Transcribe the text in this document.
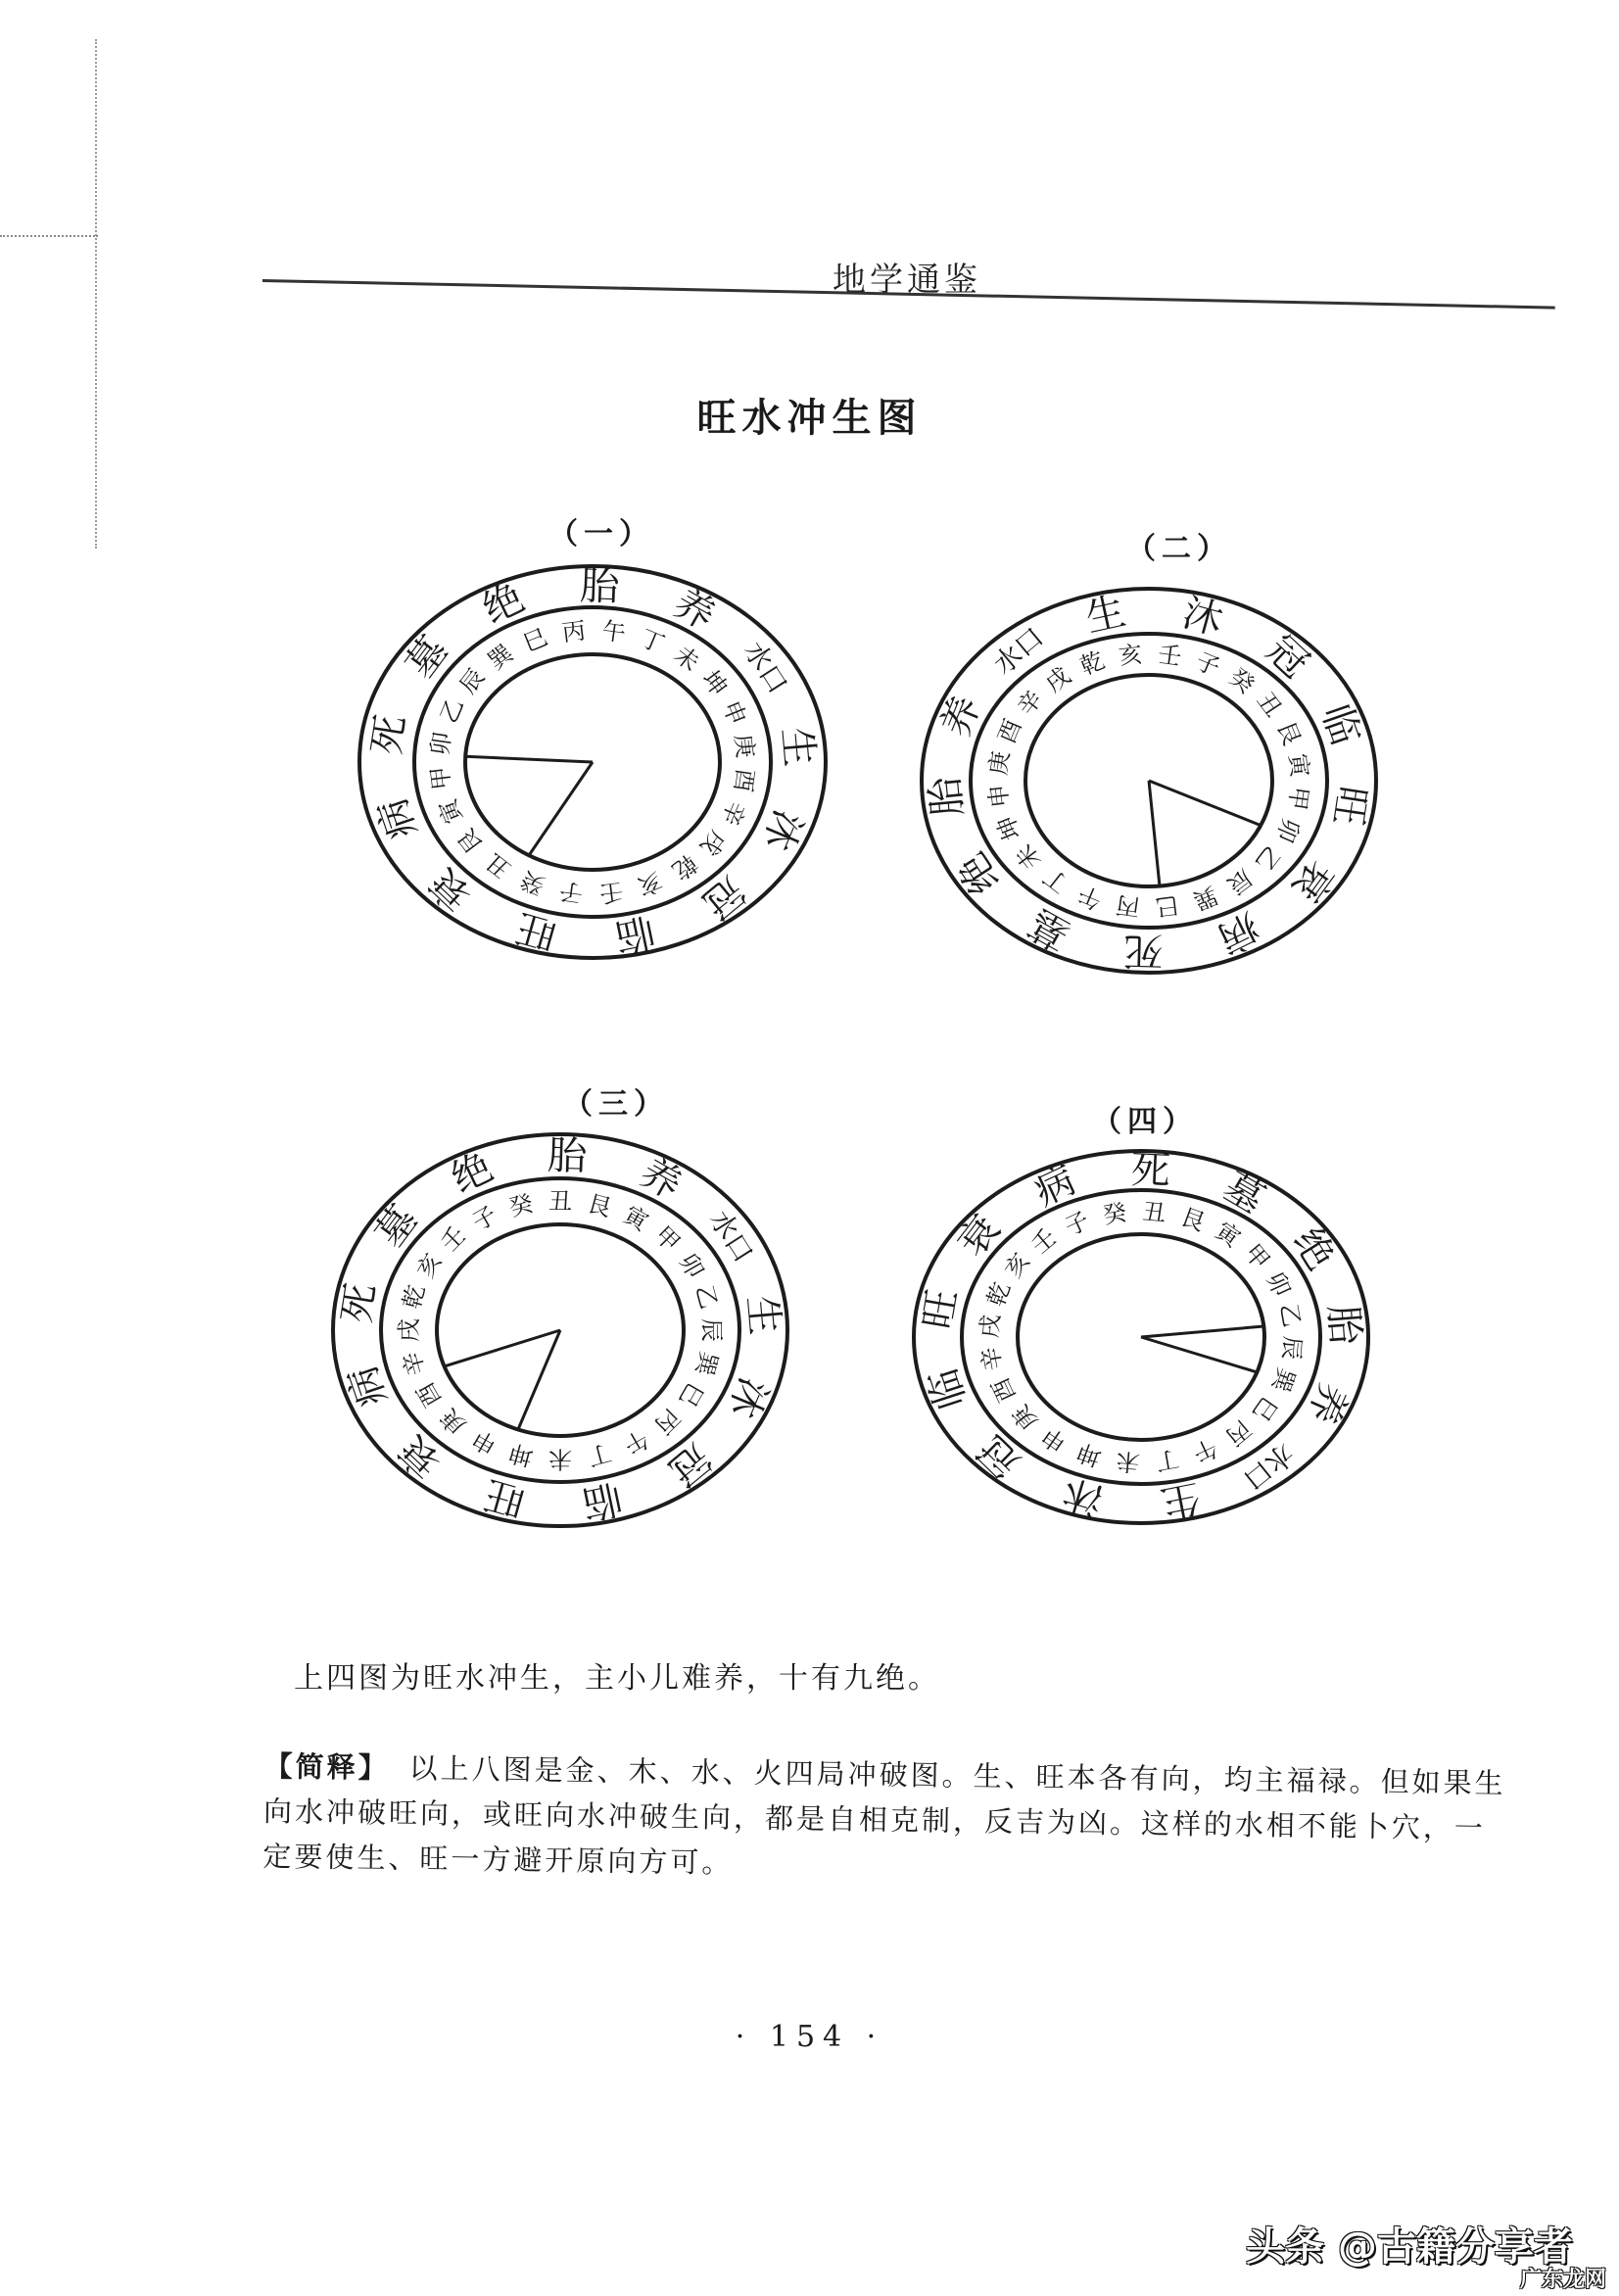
地学通鉴
旺水冲生图
（一）
胎 养
水口
生
沐
冠
临
旺
衰
病
死
墓
绝
巳 丙 午 丁 未
坤
申
庚
酉
辛
戌
乾
亥
壬
子
癸
丑
艮
寅
甲
卯
乙
辰
巽
（二）
水口
生 沐
冠
临
旺
衰
病
死
墓
绝
胎
养
乾 亥 壬 子 癸
丑
艮
寅
甲
卯
乙
辰
巽
巳
丙
午
丁
未
坤
申
庚
酉
辛
戌
（三）
胎 养
水口
生
沐
冠
临
旺
衰
病
死
墓
绝
亥
壬
子 癸 丑 艮 寅
甲
卯
乙
辰
巽
巳
丙
午
丁
未
坤
申
庚
酉
辛
戌
乾
（四）
病 死 墓
绝
胎
养
水口
生
沐
冠
临
旺
衰 壬 子 癸 丑 艮 寅
甲
卯
乙
辰
巽
巳
丙
午
丁
未
坤
申
庚
酉
辛
戌
乾
亥
上四图为旺水冲生，主小儿难养，十有九绝。
【简释】 以上八图是金、木、水、火四局冲破图。生、旺本各有向，均主福禄。但如果生向水冲破旺向，或旺向水冲破生向，都是自相克制，反吉为凶。这样的水相不能卜穴，一定要使生、旺一方避开原向方可。
· 154 ·
头条 @古籍分享者
广东龙网
